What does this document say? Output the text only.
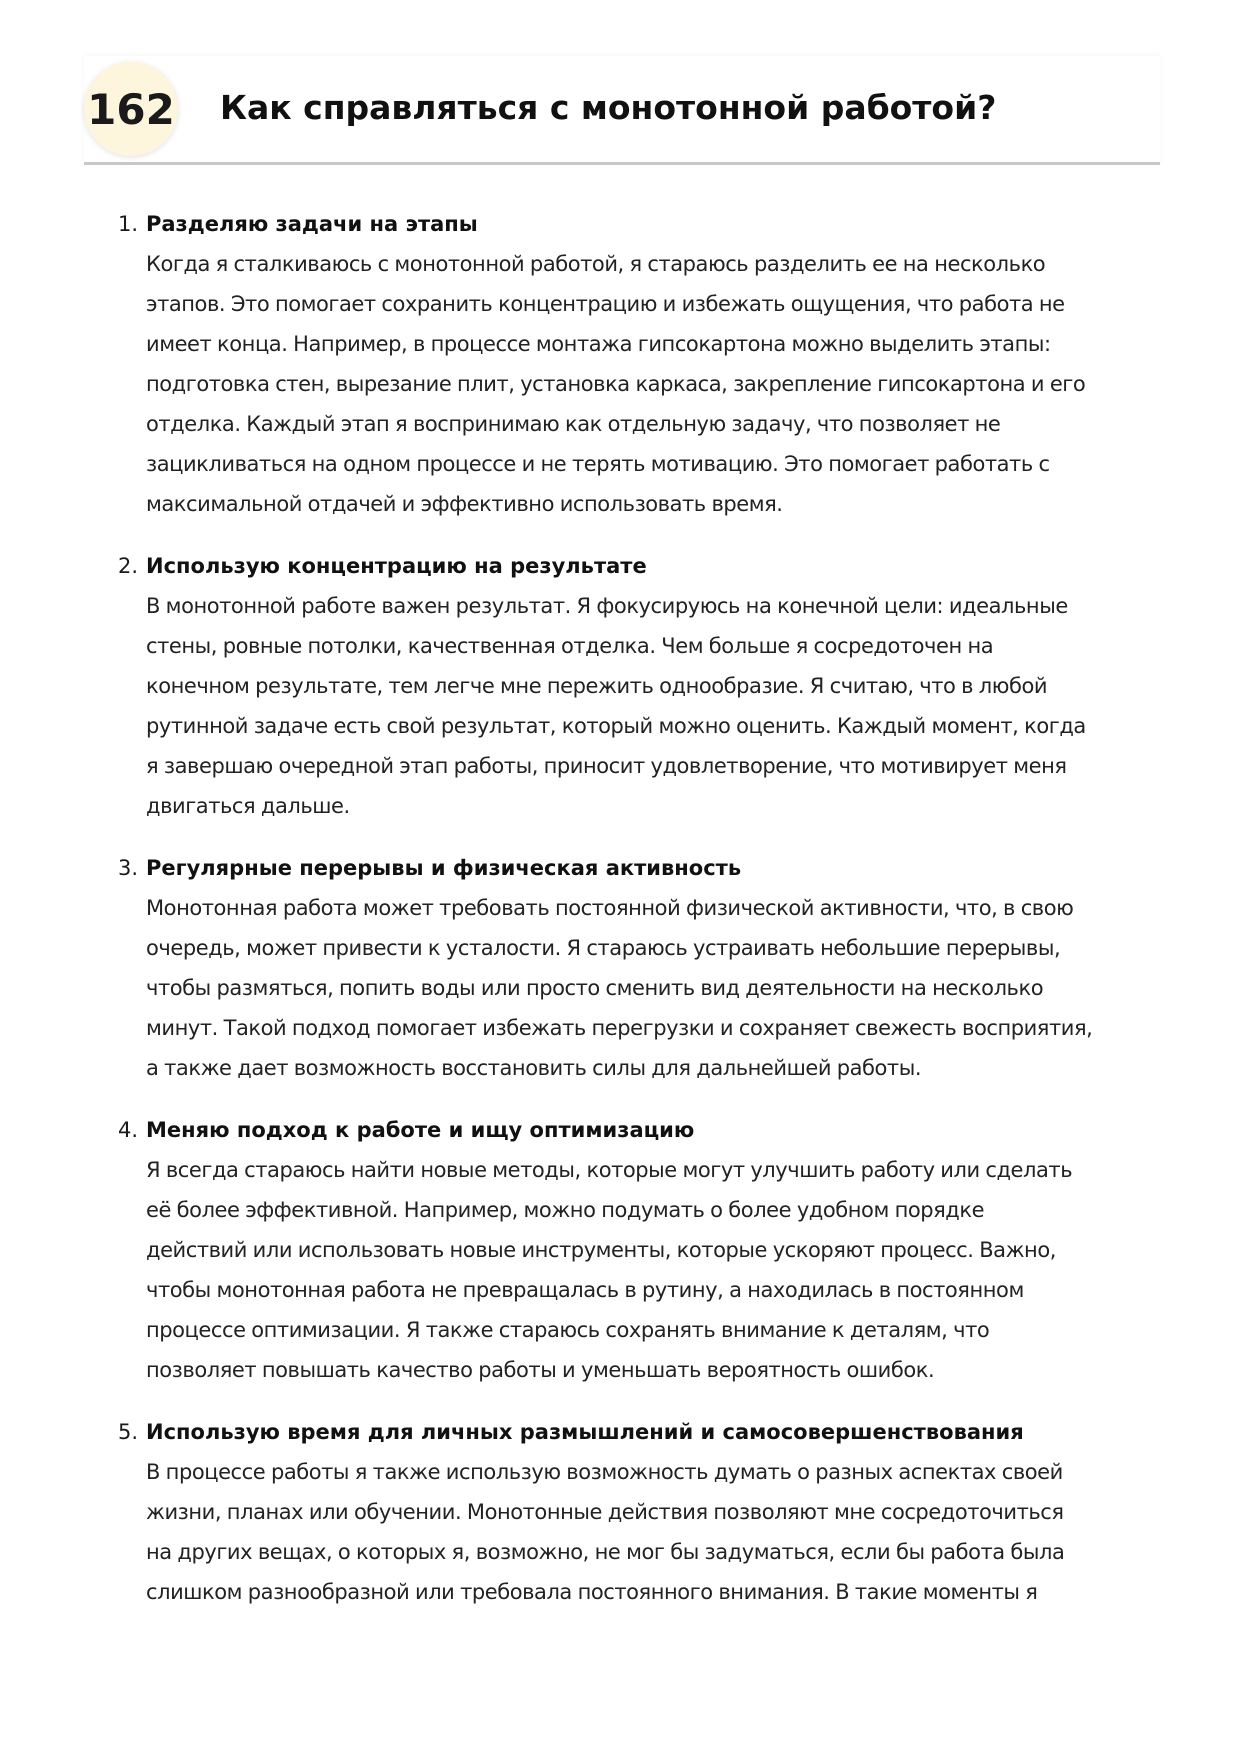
162 Как справляться с монотонной работой?
1. Разделяю задачи на этапы
Когда я сталкиваюсь с монотонной работой, я стараюсь разделить ее на несколько
этапов. Это помогает сохранить концентрацию и избежать ощущения, что работа не
имеет конца. Например, в процессе монтажа гипсокартона можно выделить этапы:
подготовка стен, вырезание плит, установка каркаса, закрепление гипсокартона и его
отделка. Каждый этап я воспринимаю как отдельную задачу, что позволяет не
зацикливаться на одном процессе и не терять мотивацию. Это помогает работать с
максимальной отдачей и эффективно использовать время.
2. Использую концентрацию на результате
В монотонной работе важен результат. Я фокусируюсь на конечной цели: идеальные
стены, ровные потолки, качественная отделка. Чем больше я сосредоточен на
конечном результате, тем легче мне пережить однообразие. Я считаю, что в любой
рутинной задаче есть свой результат, который можно оценить. Каждый момент, когда
я завершаю очередной этап работы, приносит удовлетворение, что мотивирует меня
двигаться дальше.
3. Регулярные перерывы и физическая активность
Монотонная работа может требовать постоянной физической активности, что, в свою
очередь, может привести к усталости. Я стараюсь устраивать небольшие перерывы,
чтобы размяться, попить воды или просто сменить вид деятельности на несколько
минут. Такой подход помогает избежать перегрузки и сохраняет свежесть восприятия,
а также дает возможность восстановить силы для дальнейшей работы.
4. Меняю подход к работе и ищу оптимизацию
Я всегда стараюсь найти новые методы, которые могут улучшить работу или сделать
её более эффективной. Например, можно подумать о более удобном порядке
действий или использовать новые инструменты, которые ускоряют процесс. Важно,
чтобы монотонная работа не превращалась в рутину, а находилась в постоянном
процессе оптимизации. Я также стараюсь сохранять внимание к деталям, что
позволяет повышать качество работы и уменьшать вероятность ошибок.
5. Использую время для личных размышлений и самосовершенствования
В процессе работы я также использую возможность думать о разных аспектах своей
жизни, планах или обучении. Монотонные действия позволяют мне сосредоточиться
на других вещах, о которых я, возможно, не мог бы задуматься, если бы работа была
слишком разнообразной или требовала постоянного внимания. В такие моменты я
